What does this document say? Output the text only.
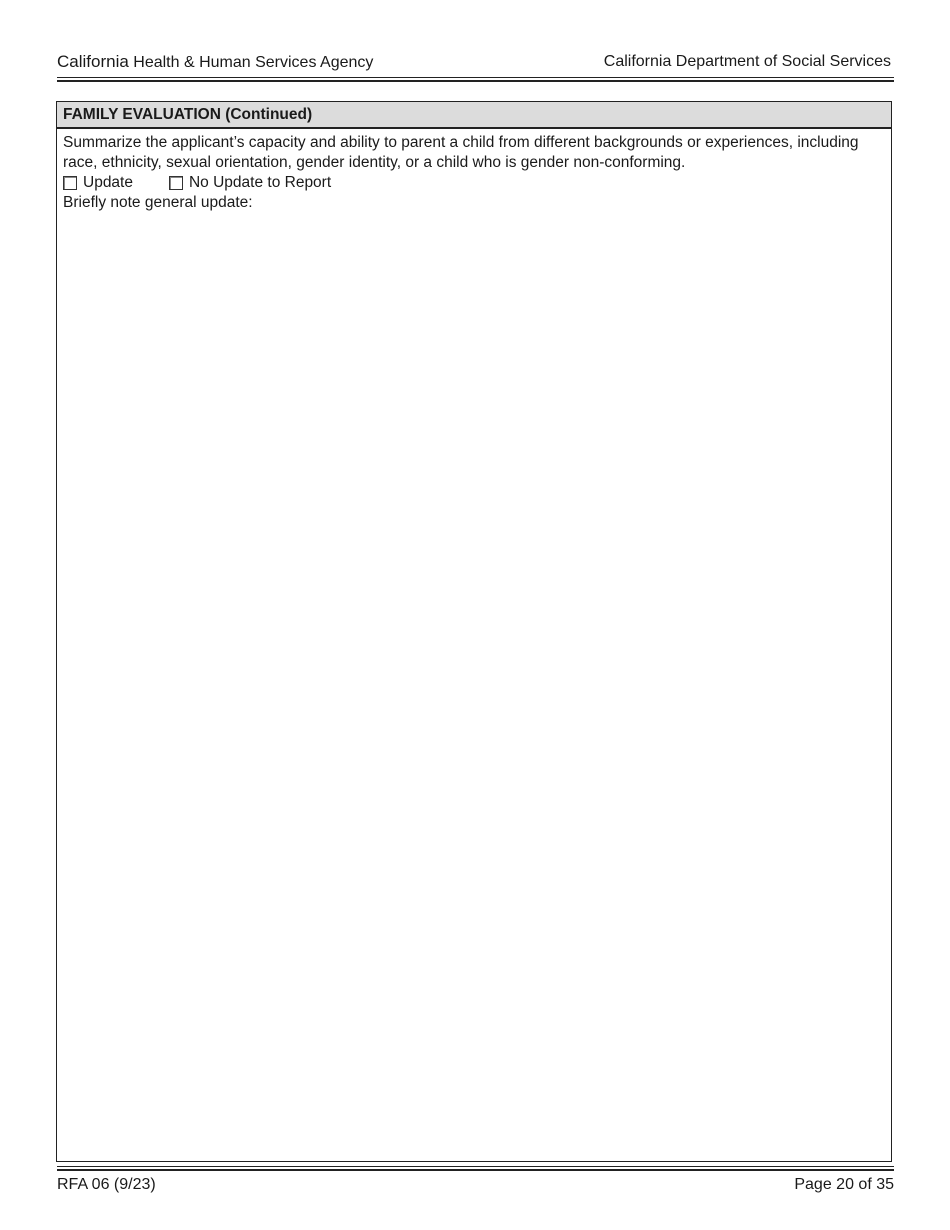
California Health & Human Services Agency	California Department of Social Services
FAMILY EVALUATION (Continued)
Summarize the applicant’s capacity and ability to parent a child from different backgrounds or experiences, including race, ethnicity, sexual orientation, gender identity, or a child who is gender non-conforming.
Update	No Update to Report
Briefly note general update:
RFA 06 (9/23)	Page 20 of 35
